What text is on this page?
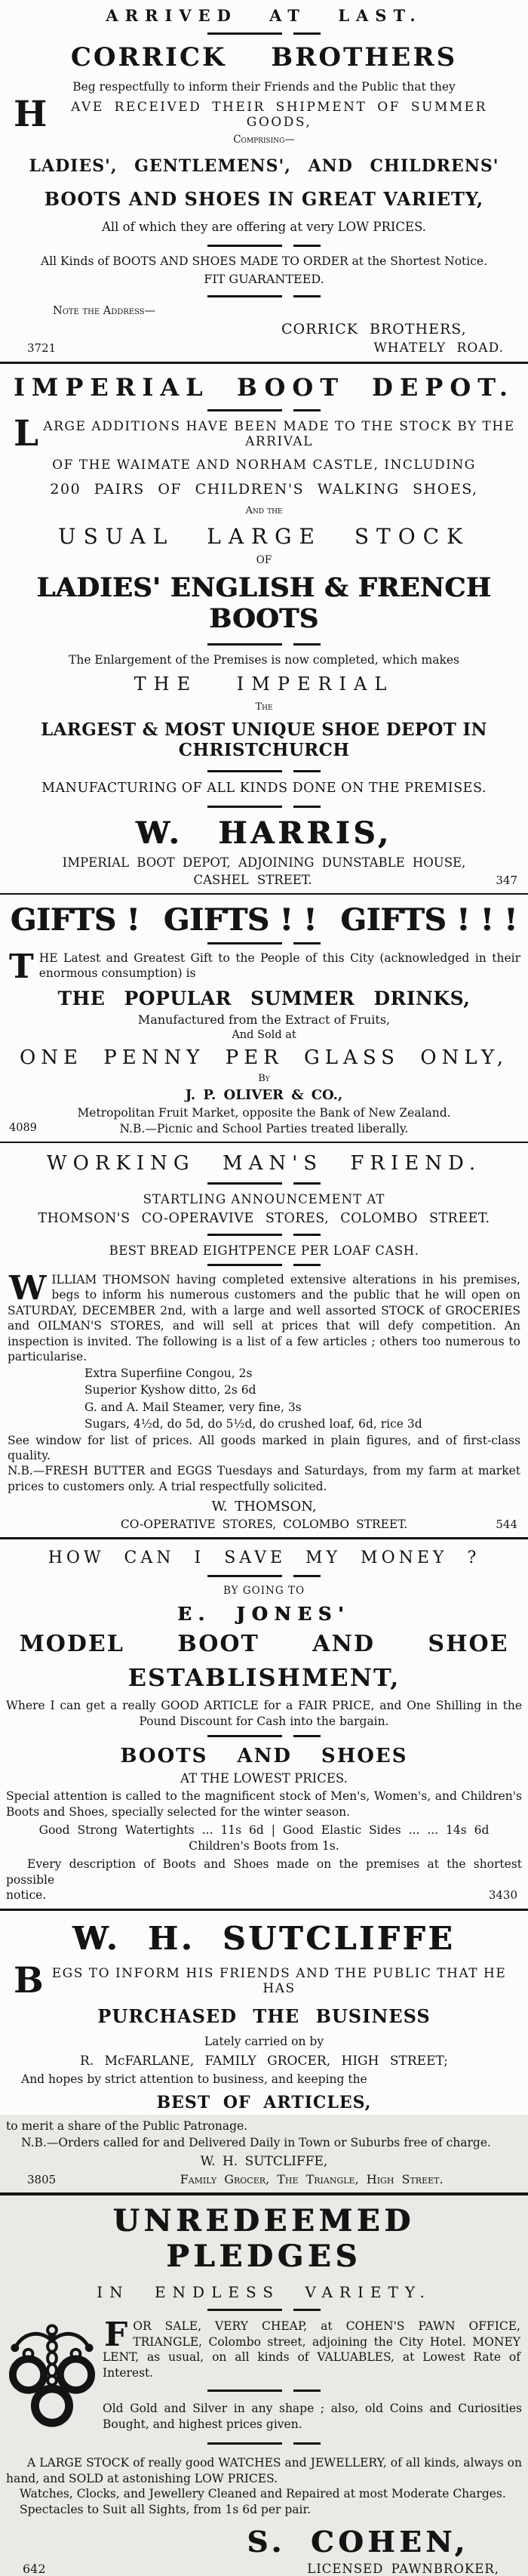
ARRIVED AT LAST.
CORRICK BROTHERS
Beg respectfully to inform their Friends and the Public that they
H	AVE RECEIVED THEIR SHIPMENT OF SUMMER GOODS,
Comprising—
LADIES', GENTLEMENS', AND CHILDRENS'
BOOTS AND SHOES IN GREAT VARIETY,
All of which they are offering at very LOW PRICES.
All Kinds of BOOTS AND SHOES MADE TO ORDER at the Shortest Notice.
FIT GUARANTEED.
Note the Address—
CORRICK BROTHERS,
3721	WHATELY ROAD.
IMPERIAL BOOT DEPOT.
L ARGE ADDITIONS HAVE BEEN MADE TO THE STOCK BY THE ARRIVAL
OF THE WAIMATE AND NORHAM CASTLE, INCLUDING
200 PAIRS OF CHILDREN'S WALKING SHOES,
And the
USUAL LARGE STOCK
OF
LADIES' ENGLISH & FRENCH BOOTS
The Enlargement of the Premises is now completed, which makes
THE IMPERIAL
The
LARGEST & MOST UNIQUE SHOE DEPOT IN CHRISTCHURCH
MANUFACTURING OF ALL KINDS DONE ON THE PREMISES.
W. HARRIS,
IMPERIAL BOOT DEPOT, ADJOINING DUNSTABLE HOUSE,
CASHEL STREET.	347
GIFTS ! GIFTS ! ! GIFTS ! ! !
THE Latest and Greatest Gift to the People of this City (acknowledged in their enormous consumption) is
THE POPULAR SUMMER DRINKS,
Manufactured from the Extract of Fruits,
And Sold at
ONE PENNY PER GLASS ONLY,
By
J. P. OLIVER & CO.,
Metropolitan Fruit Market, opposite the Bank of New Zealand.
4089	N.B.—Picnic and School Parties treated liberally.
WORKING MAN'S FRIEND.
STARTLING ANNOUNCEMENT AT
THOMSON'S CO-OPERAVIVE STORES, COLOMBO STREET.
BEST BREAD EIGHTPENCE PER LOAF CASH.
WILLIAM THOMSON having completed extensive alterations in his premises, begs to inform his numerous customers and the public that he will open on SATURDAY, DECEMBER 2nd, with a large and well assorted STOCK of GROCERIES and OILMAN'S STORES, and will sell at prices that will defy competition. An inspection is invited. The following is a list of a few articles ; others too numerous to particularise.
Extra Superfiine Congou, 2s
Superior Kyshow ditto, 2s 6d
G. and A. Mail Steamer, very fine, 3s
Sugars, 4½d, do 5d, do 5½d, do crushed loaf, 6d, rice 3d
See window for list of prices. All goods marked in plain figures, and of first-class quality.
N.B.—FRESH BUTTER and EGGS Tuesdays and Saturdays, from my farm at market prices to customers only. A trial respectfully solicited.
W. THOMSON,
CO-OPERATIVE STORES, COLOMBO STREET.	544
HOW CAN I SAVE MY MONEY ?
BY GOING TO
E. JONES'
MODEL BOOT AND SHOE
ESTABLISHMENT,
Where I can get a really GOOD ARTICLE for a FAIR PRICE, and One Shilling in the Pound Discount for Cash into the bargain.
BOOTS AND SHOES
AT THE LOWEST PRICES.
Special attention is called to the magnificent stock of Men's, Women's, and Children's Boots and Shoes, specially selected for the winter season.
Good Strong Watertights ... 11s 6d | Good Elastic Sides ... ... 14s 6d
Children's Boots from 1s.
Every description of Boots and Shoes made on the premises at the shortest possible
notice.	3430
W. H. SUTCLIFFE
B EGS TO INFORM HIS FRIENDS AND THE PUBLIC THAT HE HAS
PURCHASED THE BUSINESS
Lately carried on by
R. McFARLANE, FAMILY GROCER, HIGH STREET;
And hopes by strict attention to business, and keeping the
BEST OF ARTICLES,
to merit a share of the Public Patronage.
N.B.—Orders called for and Delivered Daily in Town or Suburbs free of charge.
W. H. SUTCLIFFE,
3805	Family Grocer, The Triangle, High Street.
UNREDEEMED PLEDGES
IN ENDLESS VARIETY.
FOR SALE, VERY CHEAP, at COHEN'S PAWN OFFICE, TRIANGLE, Colombo street, adjoining the City Hotel. MONEY LENT, as usual, on all kinds of VALUABLES, at Lowest Rate of Interest.
Old Gold and Silver in any shape ; also, old Coins and Curiosities Bought, and highest prices given.
A LARGE STOCK of really good WATCHES and JEWELLERY, of all kinds, always on hand, and SOLD at astonishing LOW PRICES.
Watches, Clocks, and Jewellery Cleaned and Repaired at most Moderate Charges.
Spectacles to Suit all Sights, from 1s 6d per pair.
S. COHEN,
642	LICENSED PAWNBROKER,
